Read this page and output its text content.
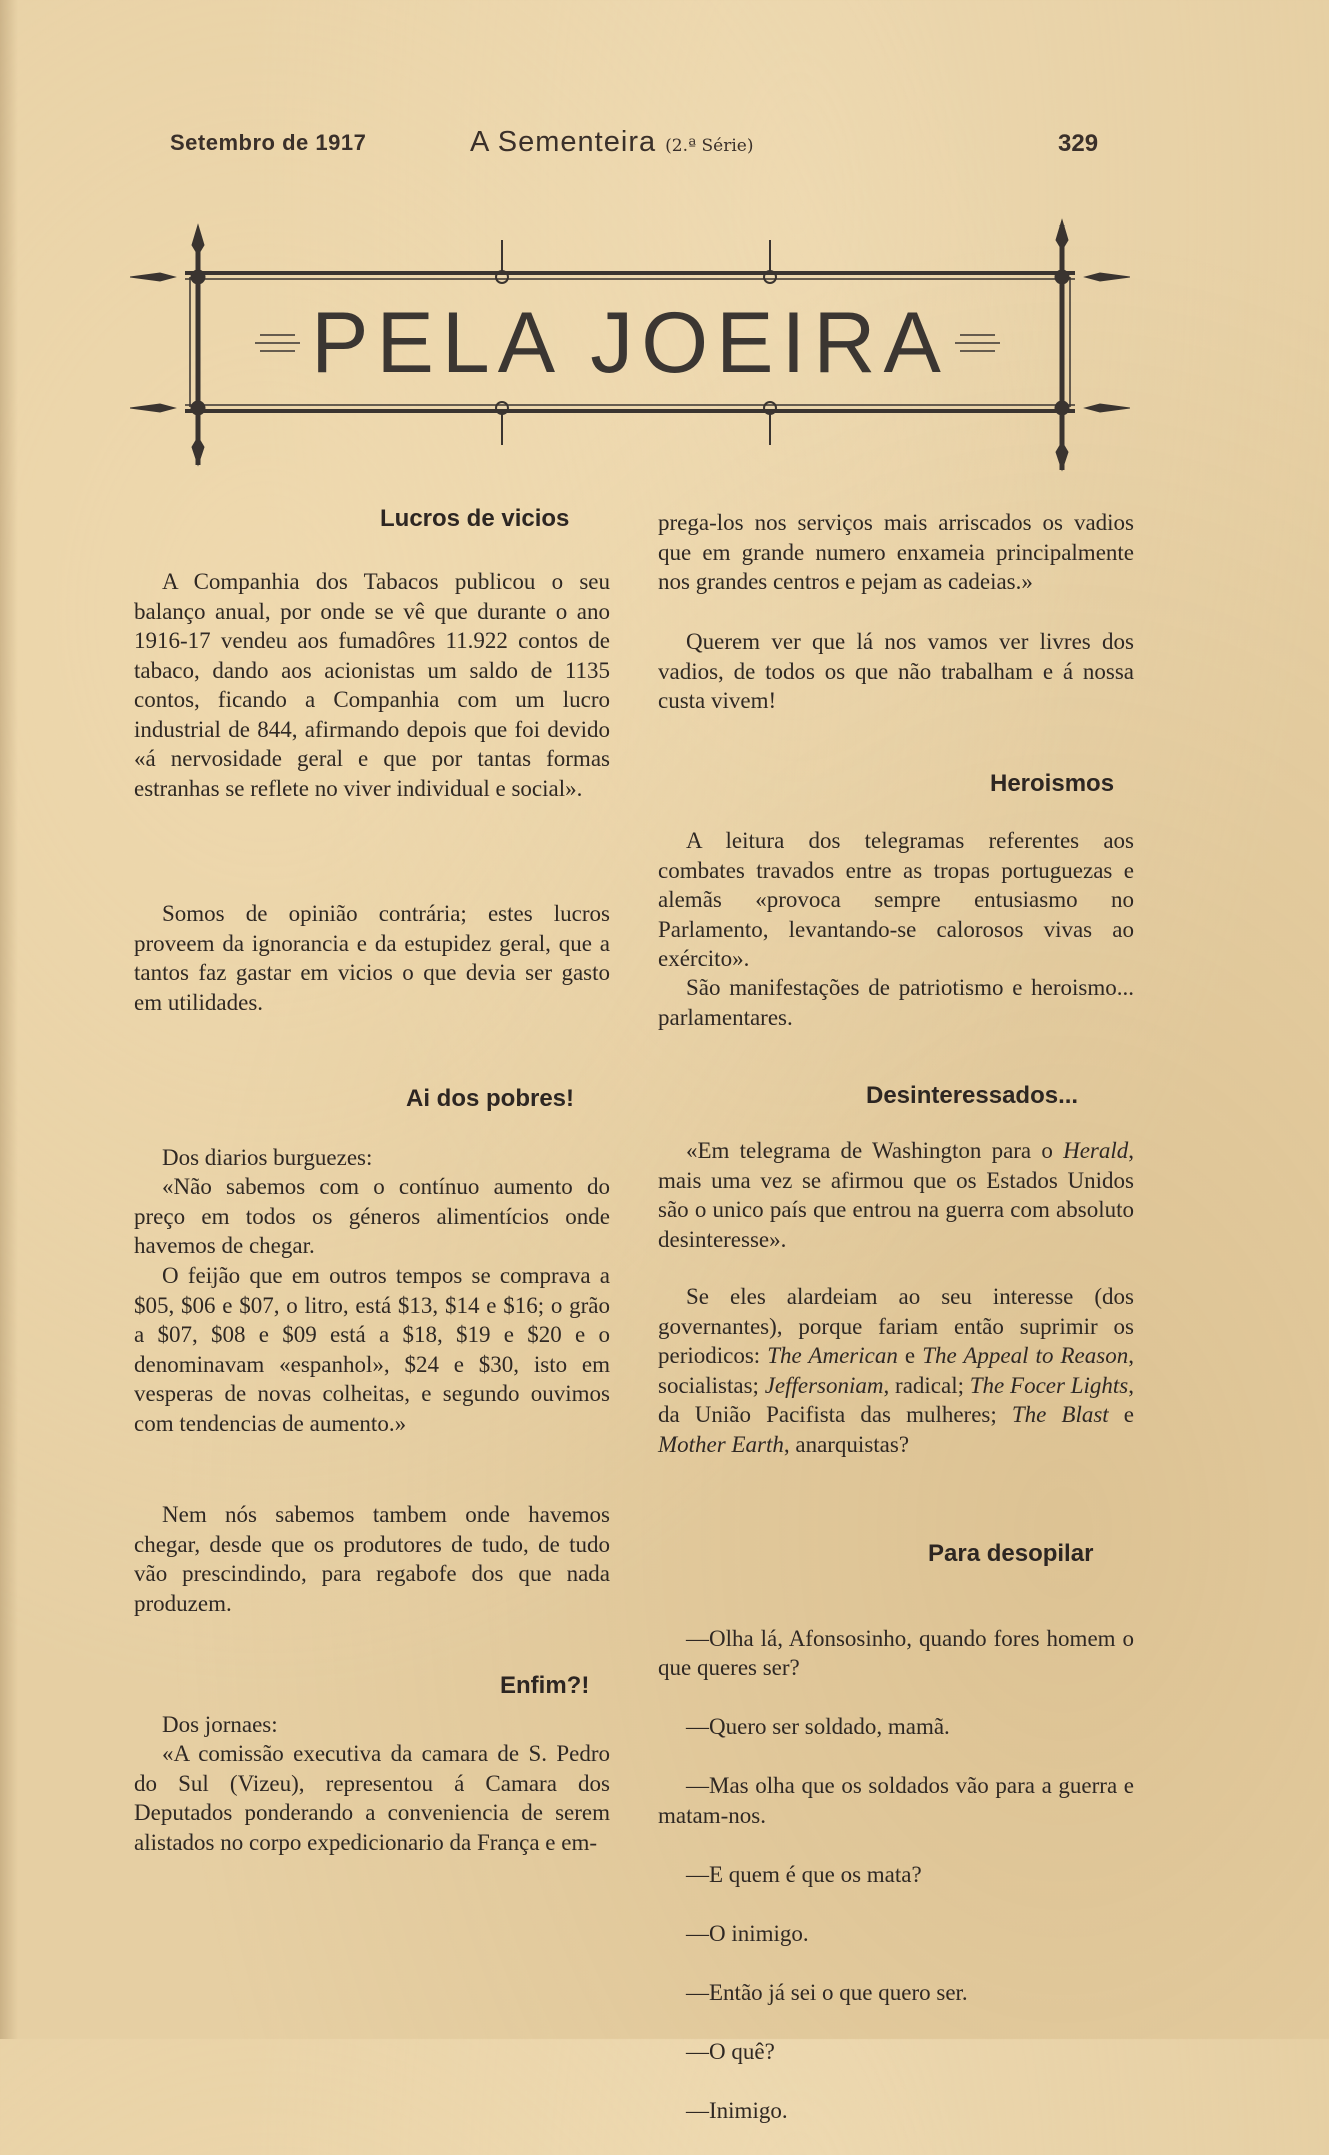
Setembro de 1917	A Sementeira (2.ª Série)	329
PELA JOEIRA
Lucros de vicios
A Companhia dos Tabacos publicou o seu balanço anual, por onde se vê que durante o ano 1916-17 vendeu aos fumadôres 11.922 contos de tabaco, dando aos acionistas um saldo de 1135 contos, ficando a Companhia com um lucro industrial de 844, afirmando depois que foi devido «á nervosidade geral e que por tantas formas estranhas se reflete no viver individual e social».
Somos de opinião contrária; estes lucros proveem da ignorancia e da estupidez geral, que a tantos faz gastar em vicios o que devia ser gasto em utilidades.
Ai dos pobres!
Dos diarios burguezes:
«Não sabemos com o contínuo aumento do preço em todos os géneros alimentícios onde havemos de chegar.
O feijão que em outros tempos se comprava a $05, $06 e $07, o litro, está $13, $14 e $16; o grão a $07, $08 e $09 está a $18, $19 e $20 e o denominavam «espanhol», $24 e $30, isto em vesperas de novas colheitas, e segundo ouvimos com tendencias de aumento.»
Nem nós sabemos tambem onde havemos chegar, desde que os produtores de tudo, de tudo vão prescindindo, para regabofe dos que nada produzem.
Enfim?!
Dos jornaes:
«A comissão executiva da camara de S. Pedro do Sul (Vizeu), representou á Camara dos Deputados ponderando a conveniencia de serem alistados no corpo expedicionario da França e em-
prega-los nos serviços mais arriscados os vadios que em grande numero enxameia principalmente nos grandes centros e pejam as cadeias.»
Querem ver que lá nos vamos ver livres dos vadios, de todos os que não trabalham e á nossa custa vivem!
Heroismos
A leitura dos telegramas referentes aos combates travados entre as tropas portuguezas e alemãs «provoca sempre entusiasmo no Parlamento, levantando-se calorosos vivas ao exército».
São manifestações de patriotismo e heroismo... parlamentares.
Desinteressados...
«Em telegrama de Washington para o Herald, mais uma vez se afirmou que os Estados Unidos são o unico país que entrou na guerra com absoluto desinteresse».
Se eles alardeiam ao seu interesse (dos governantes), porque fariam então suprimir os periodicos: The American e The Appeal to Reason, socialistas; Jeffersoniam, radical; The Focer Lights, da União Pacifista das mulheres; The Blast e Mother Earth, anarquistas?
Para desopilar

—Olha lá, Afonsosinho, quando fores homem o que queres ser?

—Quero ser soldado, mamã.

—Mas olha que os soldados vão para a guerra e matam-nos.

—E quem é que os mata?

—O inimigo.

—Então já sei o que quero ser.

—O quê?

—Inimigo.
